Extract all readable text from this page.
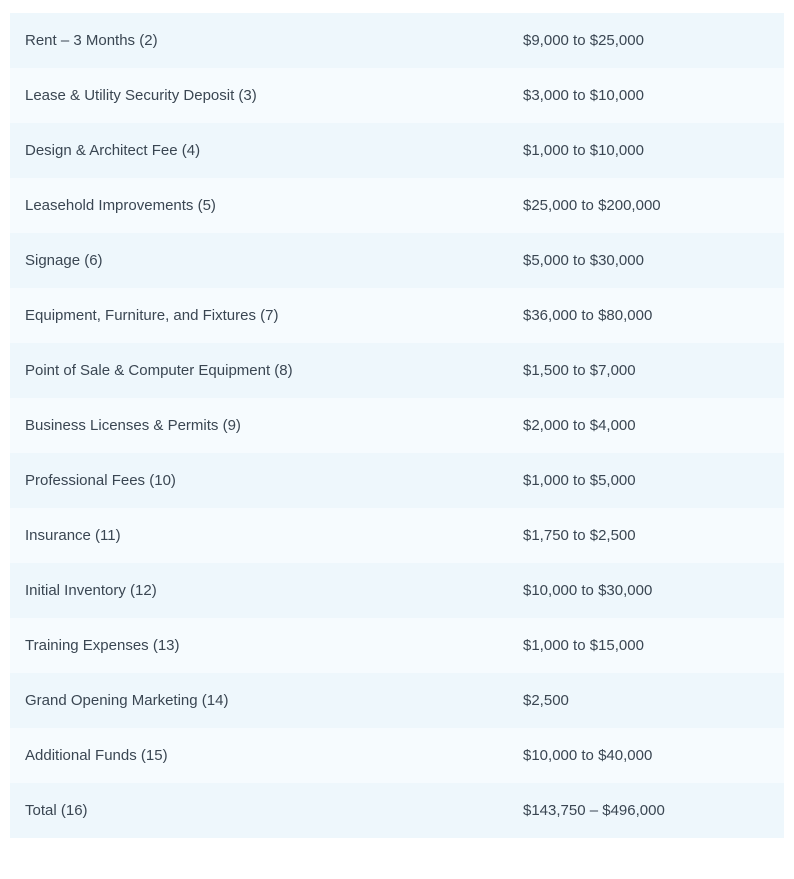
Rent – 3 Months (2)	$9,000 to $25,000
Lease & Utility Security Deposit (3)	$3,000 to $10,000
Design & Architect Fee (4)	$1,000 to $10,000
Leasehold Improvements (5)	$25,000 to $200,000
Signage (6)	$5,000 to $30,000
Equipment, Furniture, and Fixtures (7)	$36,000 to $80,000
Point of Sale & Computer Equipment (8)	$1,500 to $7,000
Business Licenses & Permits (9)	$2,000 to $4,000
Professional Fees (10)	$1,000 to $5,000
Insurance (11)	$1,750 to $2,500
Initial Inventory (12)	$10,000 to $30,000
Training Expenses (13)	$1,000 to $15,000
Grand Opening Marketing (14)	$2,500
Additional Funds (15)	$10,000 to $40,000
Total (16)	$143,750 – $496,000
